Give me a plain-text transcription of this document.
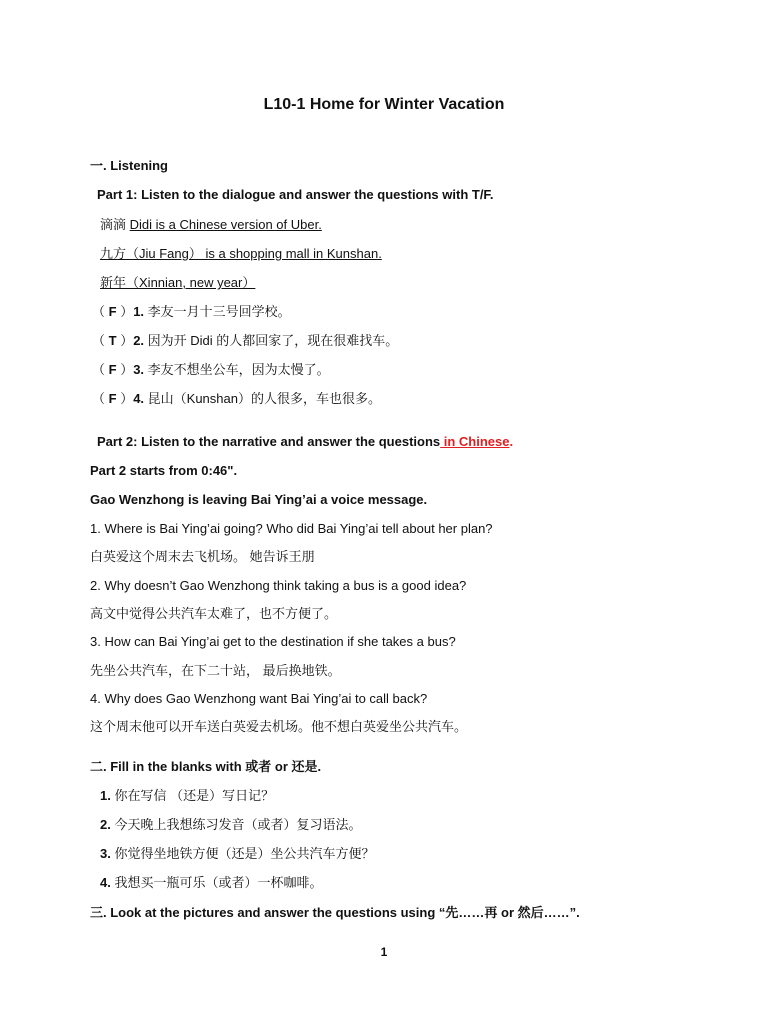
L10-1 Home for Winter Vacation
一. Listening
Part 1: Listen to the dialogue and answer the questions with T/F.
滴滴 Didi is a Chinese version of Uber.
九方（Jiu Fang） is a shopping mall in Kunshan.
新年（Xinnian, new year）
（ F ）1. 李友一月十三号回学校。
（ T ）2. 因为开 Didi 的人都回家了，现在很难找车。
（ F ）3. 李友不想坐公车，因为太慢了。
（ F ）4. 昆山（Kunshan）的人很多，车也很多。
Part 2: Listen to the narrative and answer the questions in Chinese.
Part 2 starts from 0:46".
Gao Wenzhong is leaving Bai Ying’ai a voice message.
1. Where is Bai Ying’ai going? Who did Bai Ying’ai tell about her plan?
白英爱这个周末去飞机场。 她告诉王朋
2. Why doesn’t Gao Wenzhong think taking a bus is a good idea?
高文中觉得公共汽车太难了，也不方便了。
3. How can Bai Ying’ai get to the destination if she takes a bus?
先坐公共汽车，在下二十站， 最后换地铁。
4. Why does Gao Wenzhong want Bai Ying’ai to call back?
这个周末他可以开车送白英爱去机场。他不想白英爱坐公共汽车。
二. Fill in the blanks with 或者 or 还是.
1. 你在写信 （还是）写日记？
2. 今天晚上我想练习发音（或者）复习语法。
3. 你觉得坐地铁方便（还是）坐公共汽车方便？
4. 我想买一瓶可乐（或者）一杯咖啡。
三. Look at the pictures and answer the questions using “先……再 or 然后……”.
1
